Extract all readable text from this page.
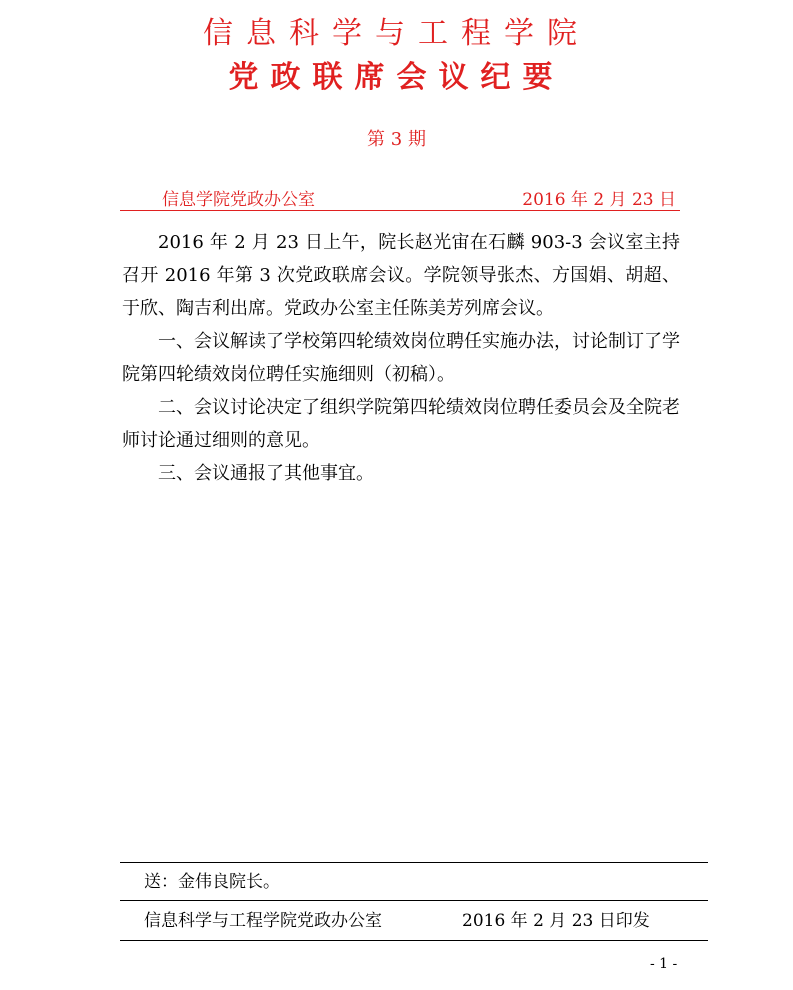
信息科学与工程学院
党政联席会议纪要
第 3 期
信息学院党政办公室	2016 年 2 月 23 日

2016 年 2 月 23 日上午，院长赵光宙在石麟 903-3 会议室主持召开 2016 年第 3 次党政联席会议。学院领导张杰、方国娟、胡超、于欣、陶吉利出席。党政办公室主任陈美芳列席会议。

一、会议解读了学校第四轮绩效岗位聘任实施办法，讨论制订了学院第四轮绩效岗位聘任实施细则（初稿）。

二、会议讨论决定了组织学院第四轮绩效岗位聘任委员会及全院老师讨论通过细则的意见。

三、会议通报了其他事宜。

送：金伟良院长。
信息科学与工程学院党政办公室	2016 年 2 月 23 日印发
- 1 -
